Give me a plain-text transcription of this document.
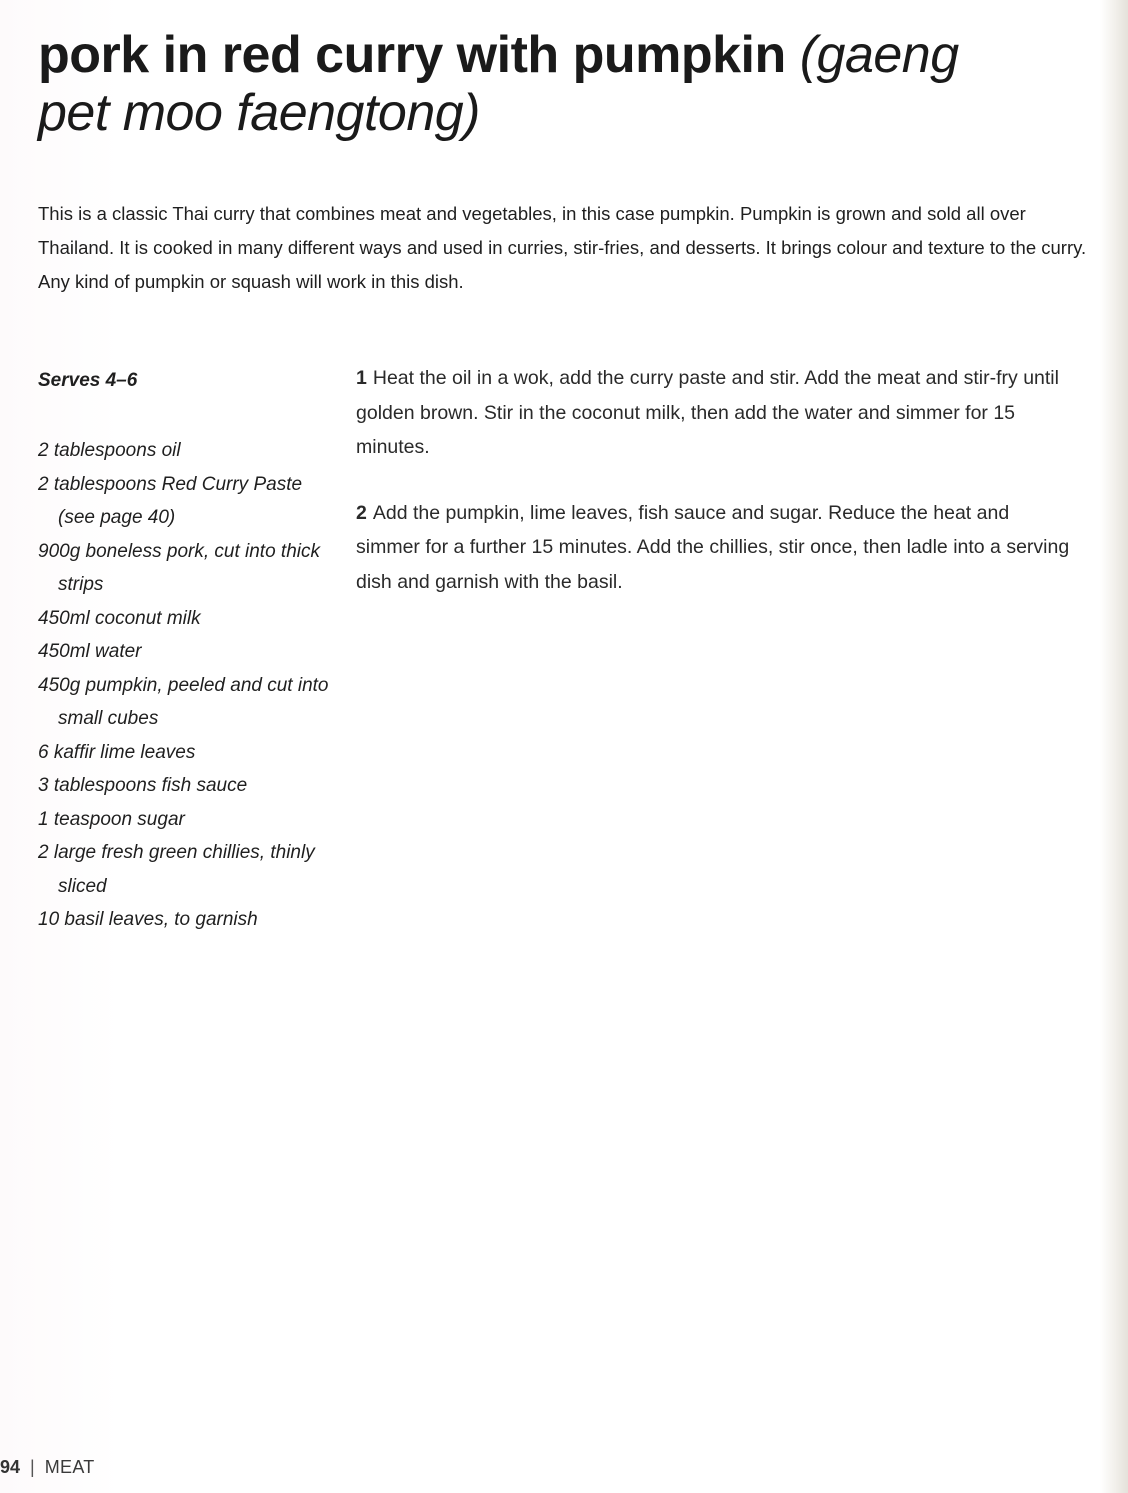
pork in red curry with pumpkin (gaeng pet moo faengtong)

This is a classic Thai curry that combines meat and vegetables, in this case pumpkin. Pumpkin is grown and sold all over Thailand. It is cooked in many different ways and used in curries, stir-fries, and desserts. It brings colour and texture to the curry. Any kind of pumpkin or squash will work in this dish.

Serves 4–6

2 tablespoons oil
2 tablespoons Red Curry Paste (see page 40)
900g boneless pork, cut into thick strips
450ml coconut milk
450ml water
450g pumpkin, peeled and cut into small cubes
6 kaffir lime leaves
3 tablespoons fish sauce
1 teaspoon sugar
2 large fresh green chillies, thinly sliced
10 basil leaves, to garnish

1 Heat the oil in a wok, add the curry paste and stir. Add the meat and stir-fry until golden brown. Stir in the coconut milk, then add the water and simmer for 15 minutes.

2 Add the pumpkin, lime leaves, fish sauce and sugar. Reduce the heat and simmer for a further 15 minutes. Add the chillies, stir once, then ladle into a serving dish and garnish with the basil.

94 | MEAT
